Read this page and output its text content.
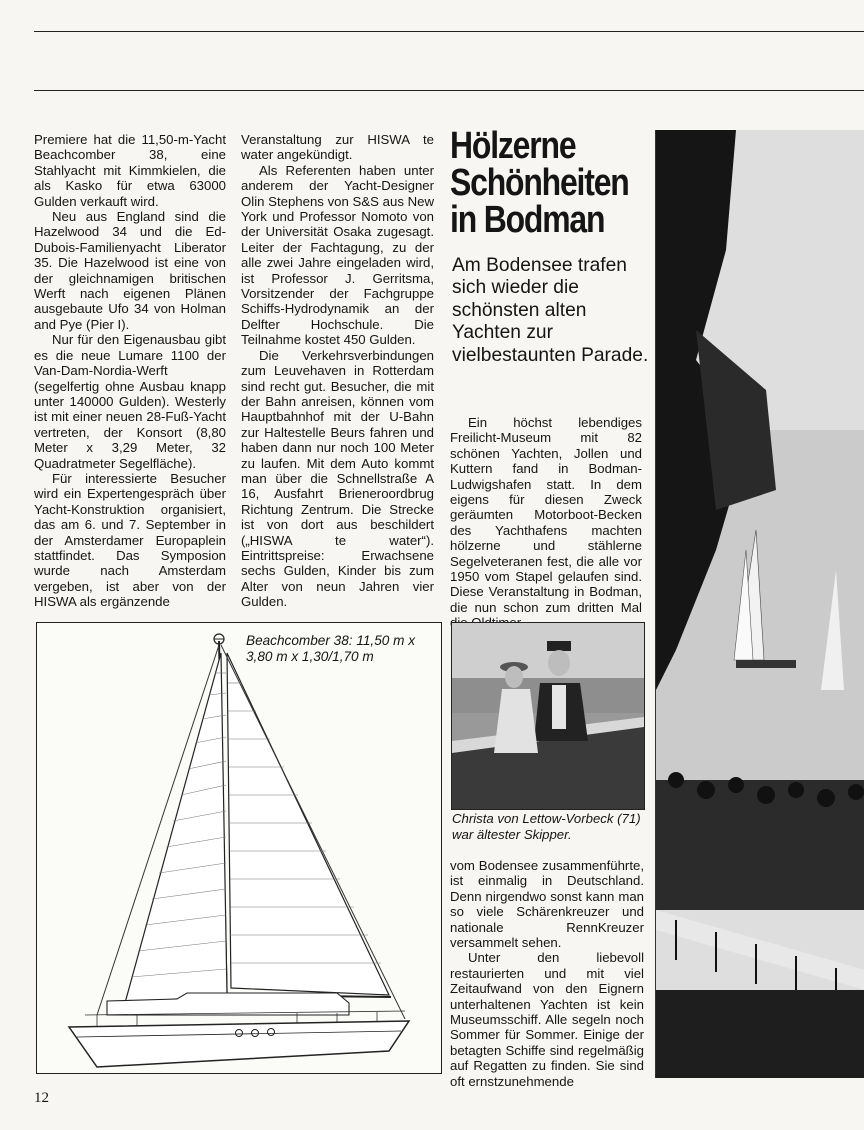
Premiere hat die 11,50-m-Yacht Beachcomber 38, eine Stahlyacht mit Kimmkielen, die als Kasko für etwa 63000 Gulden verkauft wird.

Neu aus England sind die Hazelwood 34 und die Ed-Dubois-Familienyacht Liberator 35. Die Hazelwood ist eine von der gleichnamigen britischen Werft nach eigenen Plänen ausgebaute Ufo 34 von Holman and Pye (Pier I).

Nur für den Eigenausbau gibt es die neue Lumare 1100 der Van-Dam-Nordia-Werft (segelfertig ohne Ausbau knapp unter 140000 Gulden). Westerly ist mit einer neuen 28-Fuß-Yacht vertreten, der Konsort (8,80 Meter x 3,29 Meter, 32 Quadratmeter Segelfläche).

Für interessierte Besucher wird ein Expertengespräch über Yacht-Konstruktion organisiert, das am 6. und 7. September in der Amsterdamer Europaplein stattfindet. Das Symposion wurde nach Amsterdam vergeben, ist aber von der HISWA als ergänzende

Veranstaltung zur HISWA te water angekündigt.

Als Referenten haben unter anderem der Yacht-Designer Olin Stephens von S&S aus New York und Professor Nomoto von der Universität Osaka zugesagt. Leiter der Fachtagung, zu der alle zwei Jahre eingeladen wird, ist Professor J. Gerritsma, Vorsitzender der Fachgruppe Schiffs-Hydrodynamik an der Delfter Hochschule. Die Teilnahme kostet 450 Gulden.

Die Verkehrsverbindungen zum Leuvehaven in Rotterdam sind recht gut. Besucher, die mit der Bahn anreisen, können vom Hauptbahnhof mit der U-Bahn zur Haltestelle Beurs fahren und haben dann nur noch 100 Meter zu laufen. Mit dem Auto kommt man über die Schnellstraße A 16, Ausfahrt Brieneroordbrug Richtung Zentrum. Die Strecke ist von dort aus beschildert („HISWA te water“). Eintrittspreise: Erwachsene sechs Gulden, Kinder bis zum Alter von neun Jahren vier Gulden.

Hölzerne Schönheiten in Bodman

Am Bodensee trafen sich wieder die schönsten alten Yachten zur vielbestaunten Parade.

Ein höchst lebendiges Freilicht-Museum mit 82 schönen Yachten, Jollen und Kuttern fand in Bodman-Ludwigshafen statt. In dem eigens für diesen Zweck geräumten Motorboot-Becken des Yachthafens machten hölzerne und stählerne Segelveteranen fest, die alle vor 1950 vom Stapel gelaufen sind. Diese Veranstaltung in Bodman, die nun schon zum dritten Mal

vom Bodensee zusammenführte, ist einmalig in Deutschland. Denn nirgendwo sonst kann man so viele Schärenkreuzer und nationale RennKreuzer versammelt sehen.

Unter den liebevoll restaurierten und mit viel Zeitaufwand von den Eignern unterhaltenen Yachten ist kein Museumsschiff. Alle segeln noch Sommer für Sommer. Einige der betagten Schiffe sind regelmäßig auf Regatten zu finden. Sie sind oft ernstzunehmende

Beachcomber 38: 11,50 m x 3,80 m x 1,30/1,70 m
Christa von Lettow-Vorbeck (71) war ältester Skipper.
12
